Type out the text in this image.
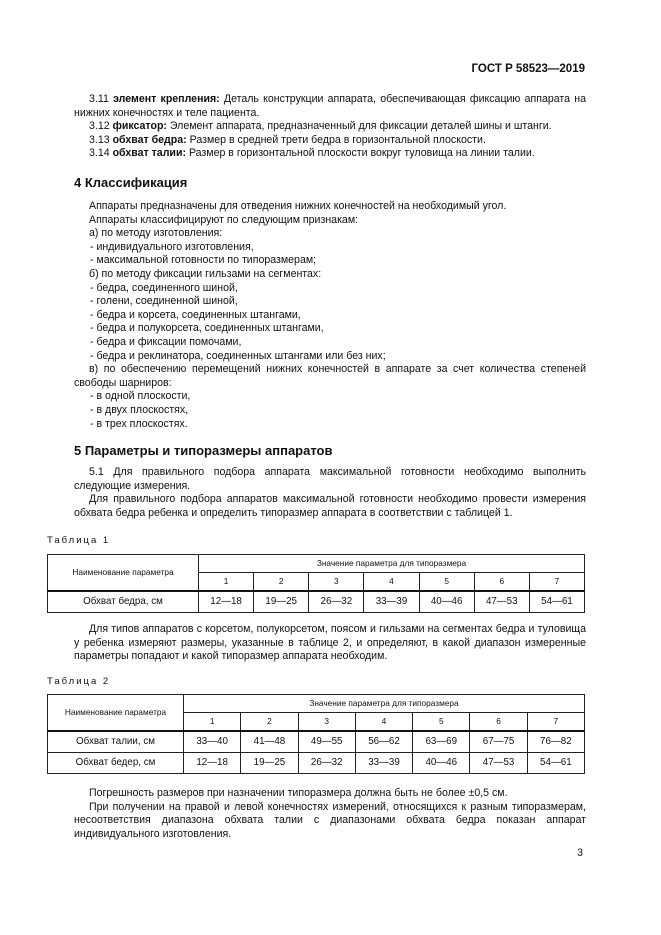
ГОСТ Р 58523—2019

3.11 элемент крепления: Деталь конструкции аппарата, обеспечивающая фиксацию аппарата на нижних конечностях и теле пациента.

3.12 фиксатор: Элемент аппарата, предназначенный для фиксации деталей шины и штанги.

3.13 обхват бедра: Размер в средней трети бедра в горизонтальной плоскости.

3.14 обхват талии: Размер в горизонтальной плоскости вокруг туловища на линии талии.

4 Классификация

Аппараты предназначены для отведения нижних конечностей на необходимый угол.

Аппараты классифицируют по следующим признакам:

а) по методу изготовления:

- индивидуального изготовления,

- максимальной готовности по типоразмерам;

б) по методу фиксации гильзами на сегментах:

- бедра, соединенного шиной,

- голени, соединенной шиной,

- бедра и корсета, соединенных штангами,

- бедра и полукорсета, соединенных штангами,

- бедра и фиксации помочами,

- бедра и реклинатора, соединенных штангами или без них;

в) по обеспечению перемещений нижних конечностей в аппарате за счет количества степеней свободы шарниров:

- в одной плоскости,

- в двух плоскостях,

- в трех плоскостях.

5 Параметры и типоразмеры аппаратов

5.1 Для правильного подбора аппарата максимальной готовности необходимо выполнить следующие измерения.

Для правильного подбора аппаратов максимальной готовности необходимо провести измерения обхвата бедра ребенка и определить типоразмер аппарата в соответствии с таблицей 1.

Таблица 1
Наименование параметра	Значение параметра для типоразмера						
	1	2	3	4	5	6	7
Обхват бедра, см	12—18	19—25	26—32	33—39	40—46	47—53	54—61

Для типов аппаратов с корсетом, полукорсетом, поясом и гильзами на сегментах бедра и туловища у ребенка измеряют размеры, указанные в таблице 2, и определяют, в какой диапазон измеренные параметры попадают и какой типоразмер аппарата необходим.

Таблица 2
Наименование параметра	Значение параметра для типоразмера						
	1	2	3	4	5	6	7
Обхват талии, см	33—40	41—48	49—55	56—62	63—69	67—75	76—82
Обхват бедер, см	12—18	19—25	26—32	33—39	40—46	47—53	54—61

Погрешность размеров при назначении типоразмера должна быть не более ±0,5 см.

При получении на правой и левой конечностях измерений, относящихся к разным типоразмерам, несоответствия диапазона обхвата талии с диапазонами обхвата бедра показан аппарат индивидуального изготовления.

3
